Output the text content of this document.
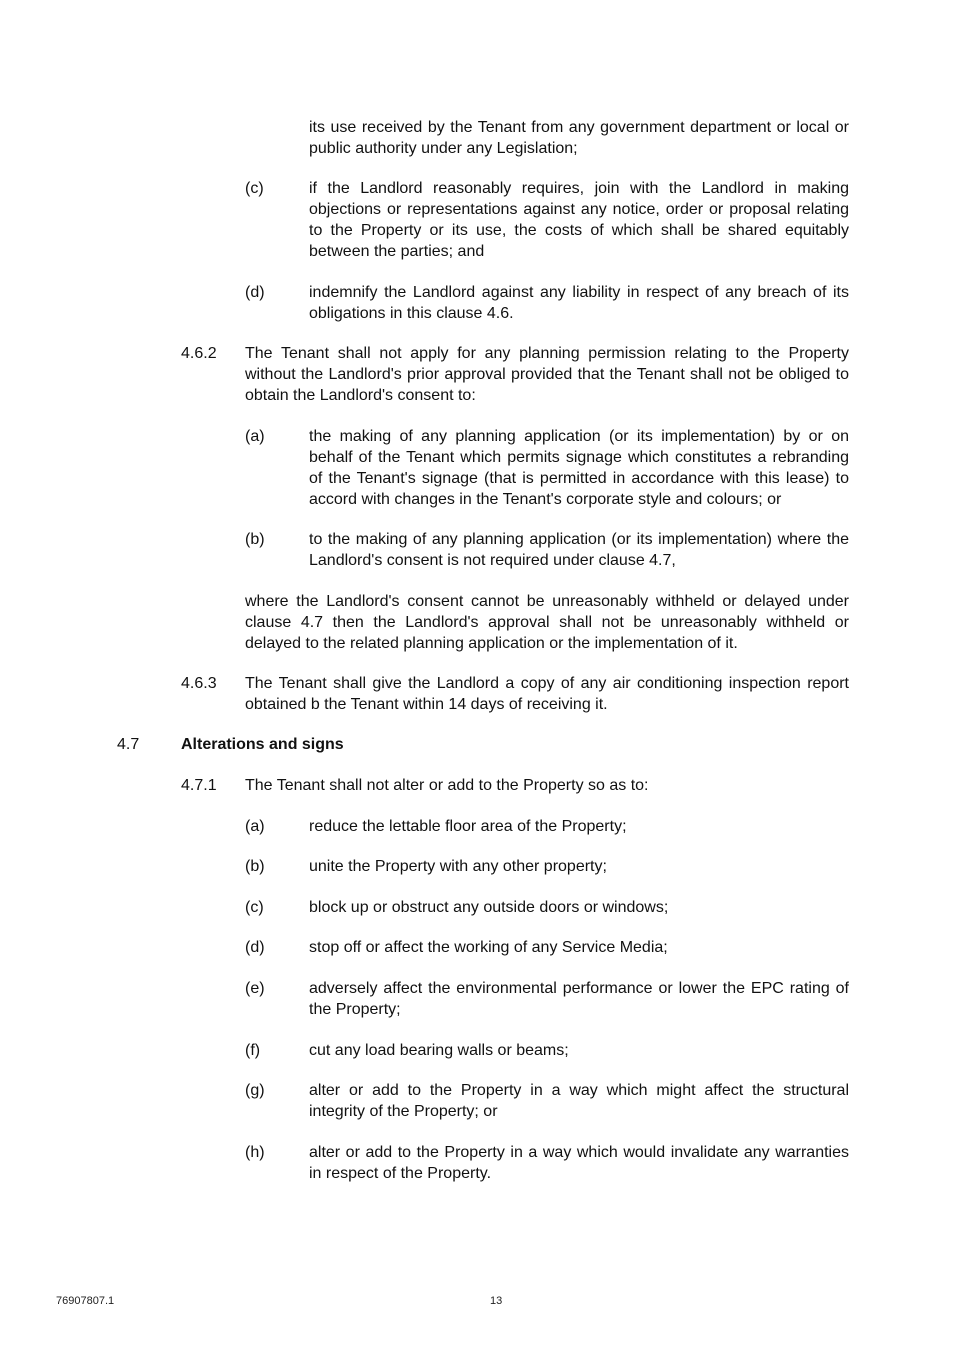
its use received by the Tenant from any government department or local or public authority under any Legislation;

(c)	if the Landlord reasonably requires, join with the Landlord in making objections or representations against any notice, order or proposal relating to the Property or its use, the costs of which shall be shared equitably between the parties; and

(d)	indemnify the Landlord against any liability in respect of any breach of its obligations in this clause 4.6.

4.6.2 The Tenant shall not apply for any planning permission relating to the Property without the Landlord's prior approval provided that the Tenant shall not be obliged to obtain the Landlord's consent to:

(a)	the making of any planning application (or its implementation) by or on behalf of the Tenant which permits signage which constitutes a rebranding of the Tenant's signage (that is permitted in accordance with this lease) to accord with changes in the Tenant's corporate style and colours; or

(b)	to the making of any planning application (or its implementation) where the Landlord's consent is not required under clause 4.7,

where the Landlord's consent cannot be unreasonably withheld or delayed under clause 4.7 then the Landlord's approval shall not be unreasonably withheld or delayed to the related planning application or the implementation of it.

4.6.3 The Tenant shall give the Landlord a copy of any air conditioning inspection report obtained b the Tenant within 14 days of receiving it.

4.7	Alterations and signs
4.7.1 The Tenant shall not alter or add to the Property so as to:

(a)	reduce the lettable floor area of the Property;

(b)	unite the Property with any other property;

(c)	block up or obstruct any outside doors or windows;

(d)	stop off or affect the working of any Service Media;

(e)	adversely affect the environmental performance or lower the EPC rating of the Property;

(f)	cut any load bearing walls or beams;

(g)	alter or add to the Property in a way which might affect the structural integrity of the Property; or

(h)	alter or add to the Property in a way which would invalidate any warranties in respect of the Property.

76907807.1	13
